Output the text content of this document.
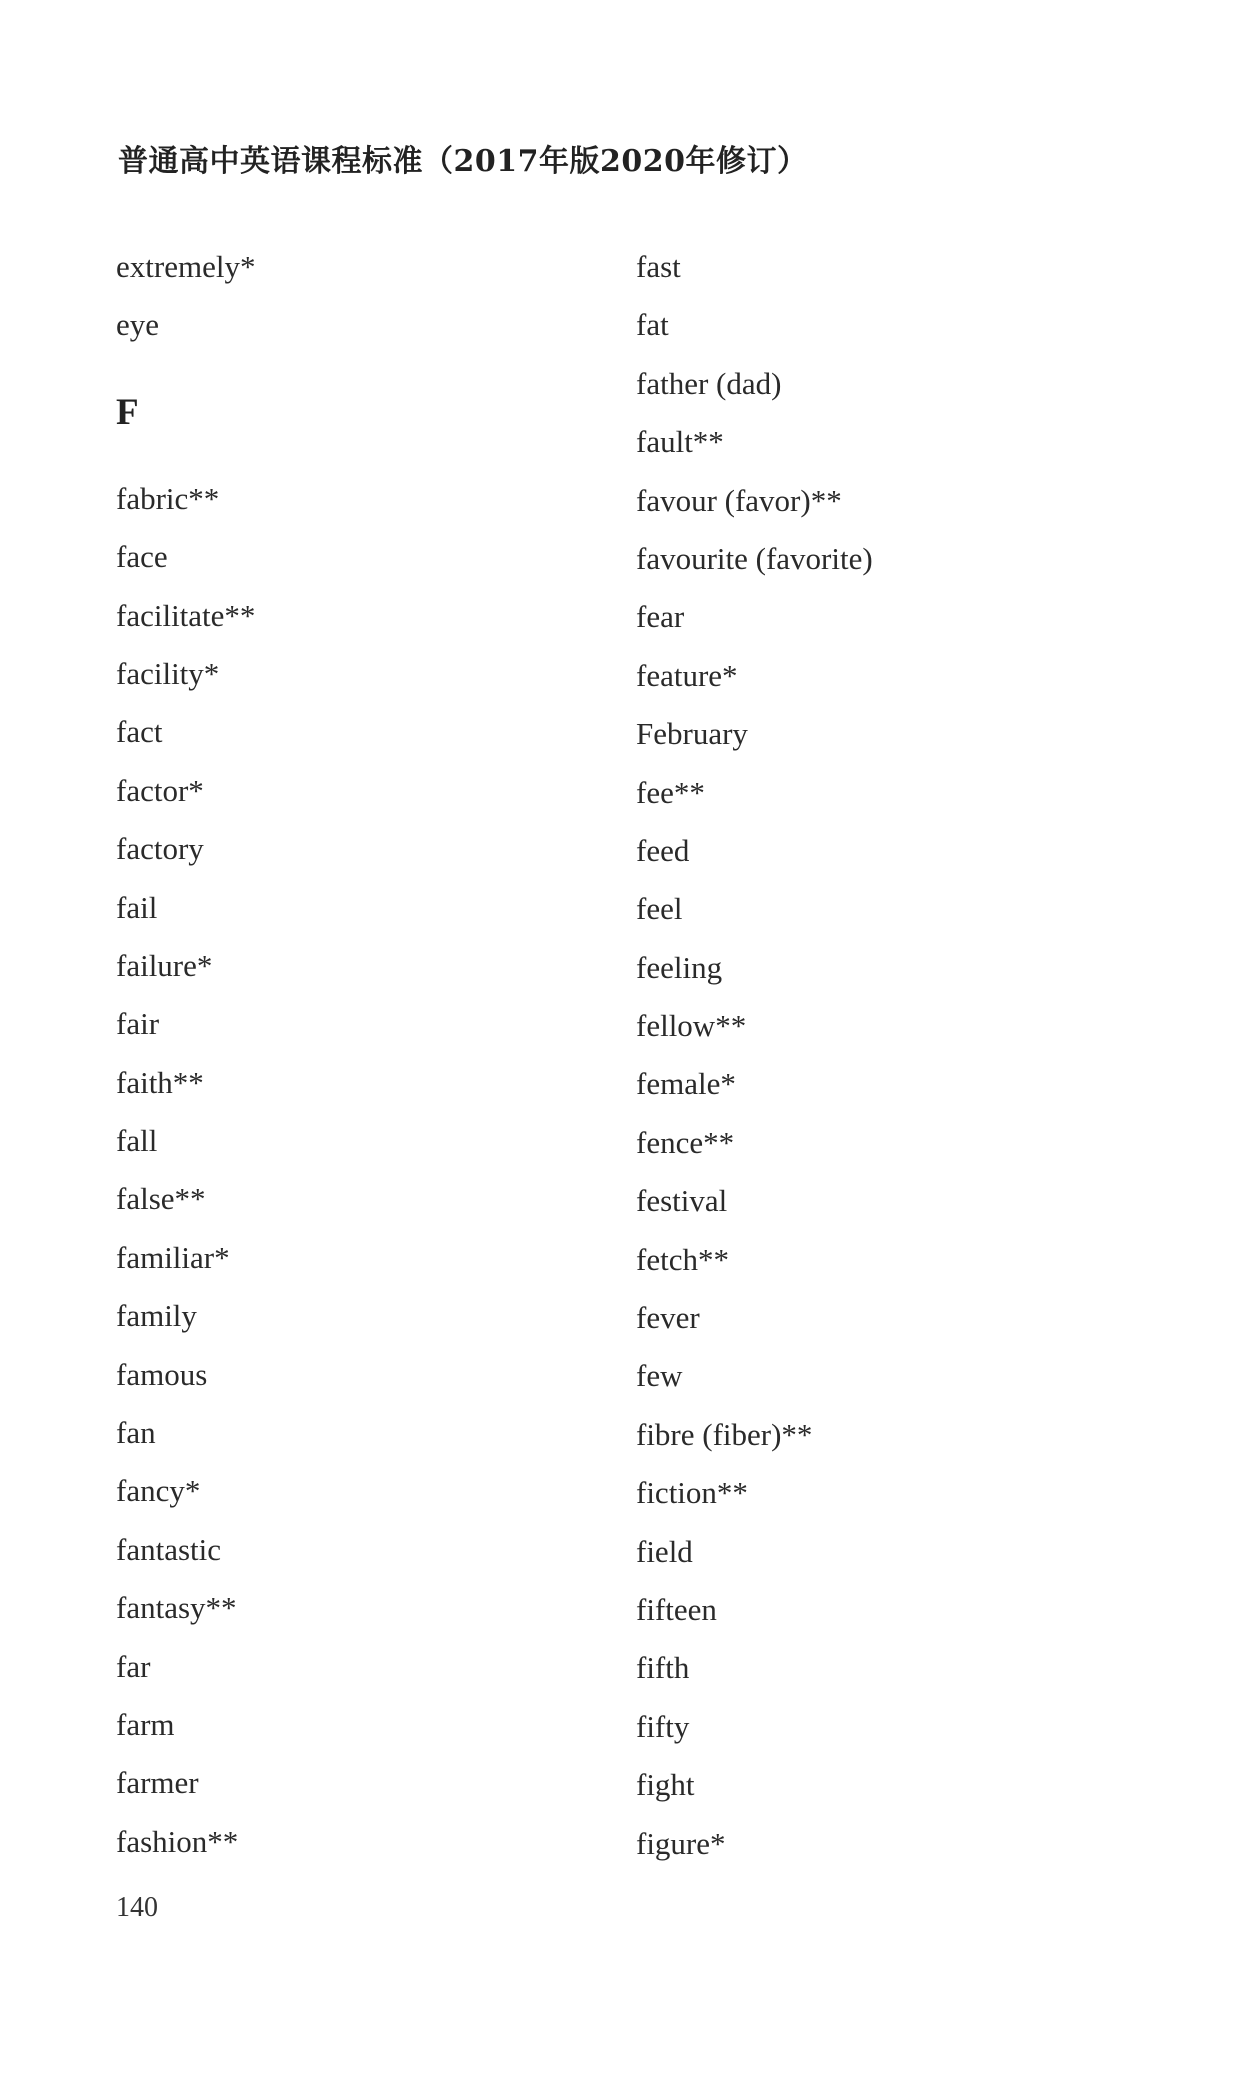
普通高中英语课程标准（2017年版2020年修订）
extremely*
eye
F
fabric**
face
facilitate**
facility*
fact
factor*
factory
fail
failure*
fair
faith**
fall
false**
familiar*
family
famous
fan
fancy*
fantastic
fantasy**
far
farm
farmer
fashion**
fast
fat
father (dad)
fault**
favour (favor)**
favourite (favorite)
fear
feature*
February
fee**
feed
feel
feeling
fellow**
female*
fence**
festival
fetch**
fever
few
fibre (fiber)**
fiction**
field
fifteen
fifth
fifty
fight
figure*
140
